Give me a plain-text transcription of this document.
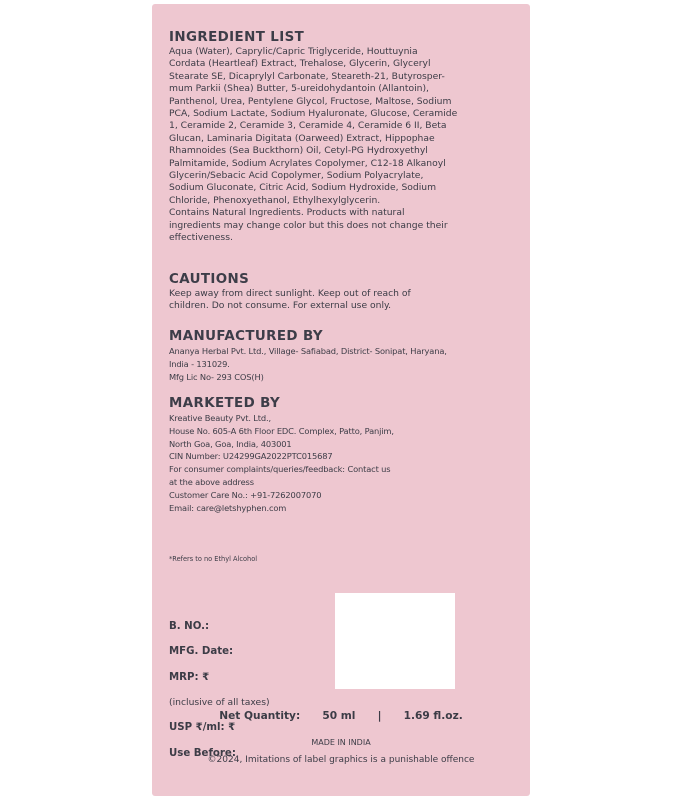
INGREDIENT LIST
Aqua (Water), Caprylic/Capric Triglyceride, Houttuynia
Cordata (Heartleaf) Extract, Trehalose, Glycerin, Glyceryl
Stearate SE, Dicaprylyl Carbonate, Steareth-21, Butyrosper-
mum Parkii (Shea) Butter, 5-ureidohydantoin (Allantoin),
Panthenol, Urea, Pentylene Glycol, Fructose, Maltose, Sodium
PCA, Sodium Lactate, Sodium Hyaluronate, Glucose, Ceramide
1, Ceramide 2, Ceramide 3, Ceramide 4, Ceramide 6 II, Beta
Glucan, Laminaria Digitata (Oarweed) Extract, Hippophae
Rhamnoides (Sea Buckthorn) Oil, Cetyl-PG Hydroxyethyl
Palmitamide, Sodium Acrylates Copolymer, C12-18 Alkanoyl
Glycerin/Sebacic Acid Copolymer, Sodium Polyacrylate,
Sodium Gluconate, Citric Acid, Sodium Hydroxide, Sodium
Chloride, Phenoxyethanol, Ethylhexylglycerin.
Contains Natural Ingredients. Products with natural
ingredients may change color but this does not change their
effectiveness.
CAUTIONS
Keep away from direct sunlight. Keep out of reach of
children. Do not consume. For external use only.
MANUFACTURED BY
Ananya Herbal Pvt. Ltd., Village- Safiabad, District- Sonipat, Haryana,
India - 131029.
Mfg Lic No- 293 COS(H)
MARKETED BY
Kreative Beauty Pvt. Ltd.,
House No. 605-A 6th Floor EDC. Complex, Patto, Panjim,
North Goa, Goa, India, 403001
CIN Number: U24299GA2022PTC015687
For consumer complaints/queries/feedback: Contact us
at the above address
Customer Care No.: +91-7262007070
Email: care@letshyphen.com
*Refers to no Ethyl Alcohol

B. NO.:

MFG. Date:

MRP: ₹

(inclusive of all taxes)

USP ₹/ml: ₹

Use Before:

Net Quantity: 50 ml | 1.69 fl.oz.
MADE IN INDIA
©2024, Imitations of label graphics is a punishable offence
